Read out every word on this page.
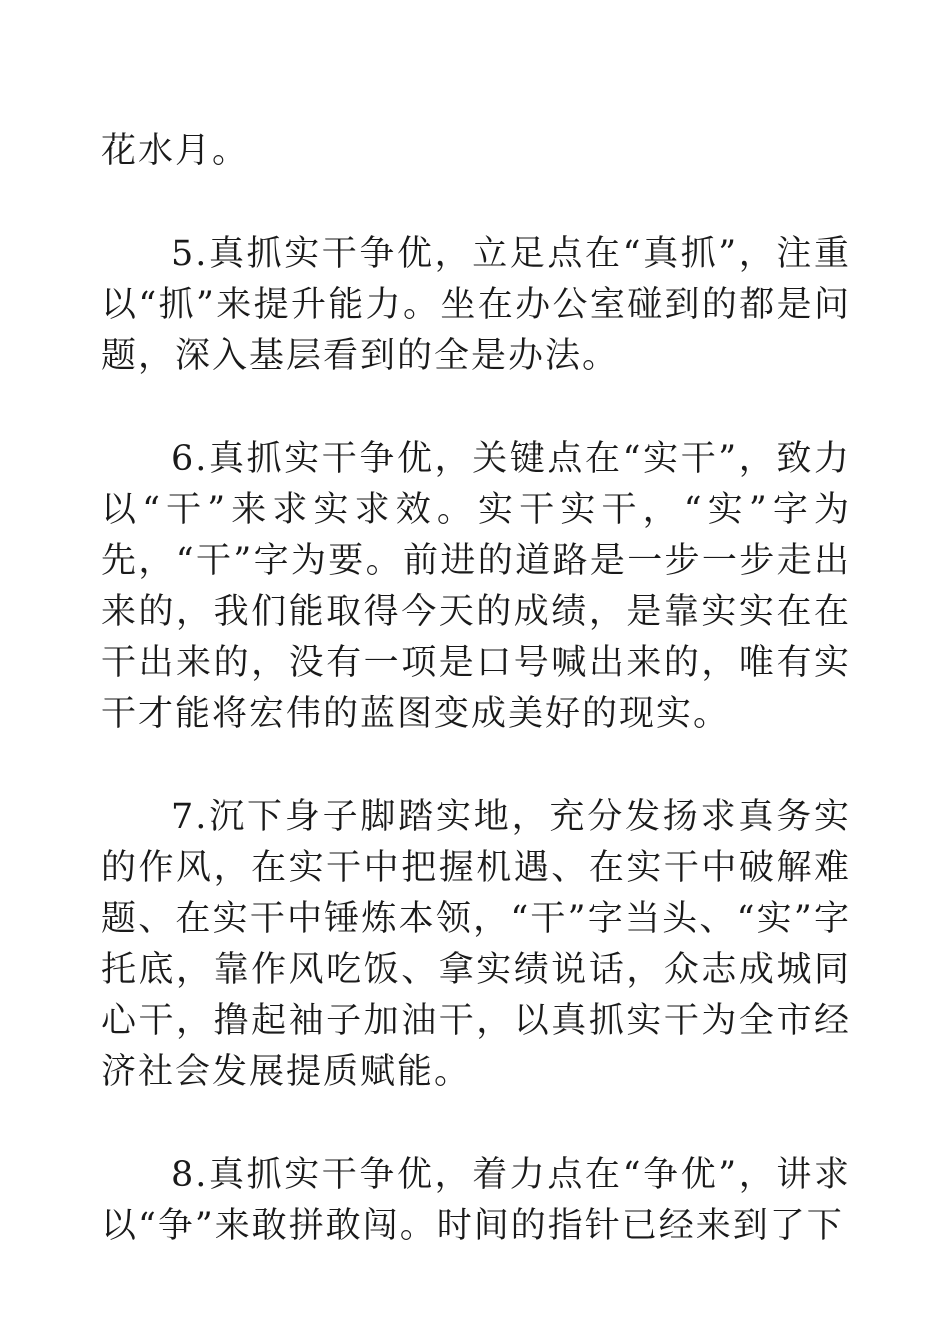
花水月。

5.真抓实干争优，立足点在“真抓”，注重以“抓”来提升能力。坐在办公室碰到的都是问题，深入基层看到的全是办法。

6.真抓实干争优，关键点在“实干”，致力以“干”来求实求效。实干实干，“实”字为先，“干”字为要。前进的道路是一步一步走出来的，我们能取得今天的成绩，是靠实实在在干出来的，没有一项是口号喊出来的，唯有实干才能将宏伟的蓝图变成美好的现实。

7.沉下身子脚踏实地，充分发扬求真务实的作风，在实干中把握机遇、在实干中破解难题、在实干中锤炼本领，“干”字当头、“实”字托底，靠作风吃饭、拿实绩说话，众志成城同心干，撸起袖子加油干，以真抓实干为全市经济社会发展提质赋能。

8.真抓实干争优，着力点在“争优”，讲求以“争”来敢拼敢闯。时间的指针已经来到了下
